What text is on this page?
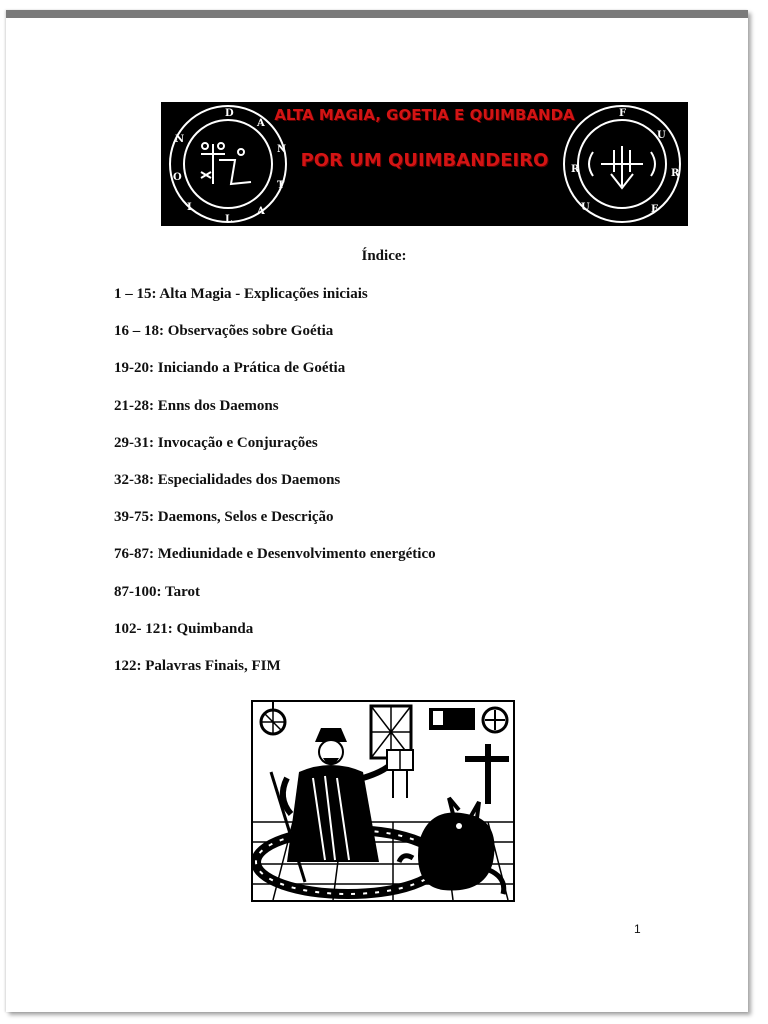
D
A
N
T
A
L
I
O
N
F
U
R
F
U
R
ALTA MAGIA, GOETIA E QUIMBANDA
POR UM QUIMBANDEIRO
Índice:
1 – 15: Alta Magia - Explicações iniciais
16 – 18: Observações sobre Goétia
19-20: Iniciando a Prática de Goétia
21-28: Enns dos Daemons
29-31: Invocação e Conjurações
32-38: Especialidades dos Daemons
39-75: Daemons, Selos e Descrição
76-87: Mediunidade e Desenvolvimento energético
87-100: Tarot
102- 121: Quimbanda
122: Palavras Finais, FIM
1
